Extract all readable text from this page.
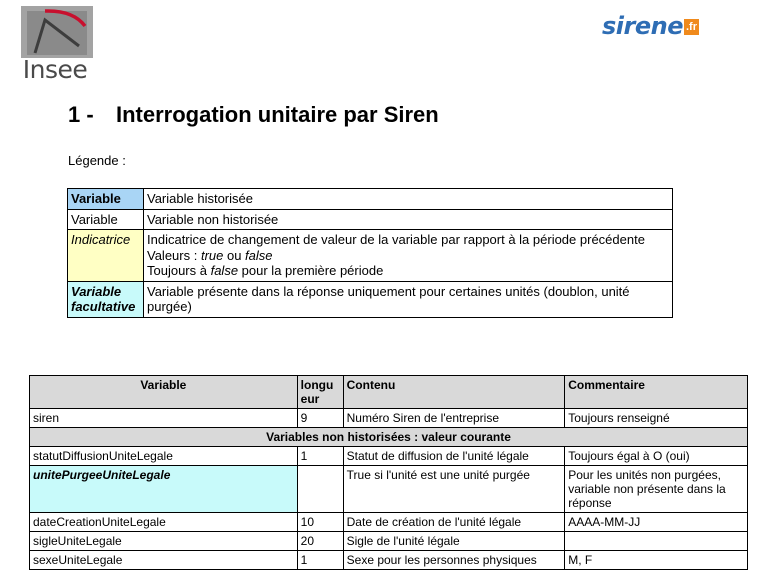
Insee
sirene .fr
1 - Interrogation unitaire par Siren
Légende :
Variable	Variable historisée
Variable	Variable non historisée
Indicatrice	Indicatrice de changement de valeur de la variable par rapport à la période précédente
Valeurs : true ou false
Toujours à false pour la première période

Variable
facultative	Variable présente dans la réponse uniquement pour certaines unités (doublon, unité purgée)
Variable	longu eur	Contenu	Commentaire
siren	9	Numéro Siren de l'entreprise	Toujours renseigné
Variables non historisées : valeur courante			
statutDiffusionUniteLegale	1	Statut de diffusion de l'unité légale	Toujours égal à O (oui)
unitePurgeeUniteLegale		True si l'unité est une unité purgée	Pour les unités non purgées, variable non présente dans la réponse
dateCreationUniteLegale	10	Date de création de l'unité légale	AAAA-MM-JJ
sigleUniteLegale	20	Sigle de l'unité légale	
sexeUniteLegale	1	Sexe pour les personnes physiques	M, F
